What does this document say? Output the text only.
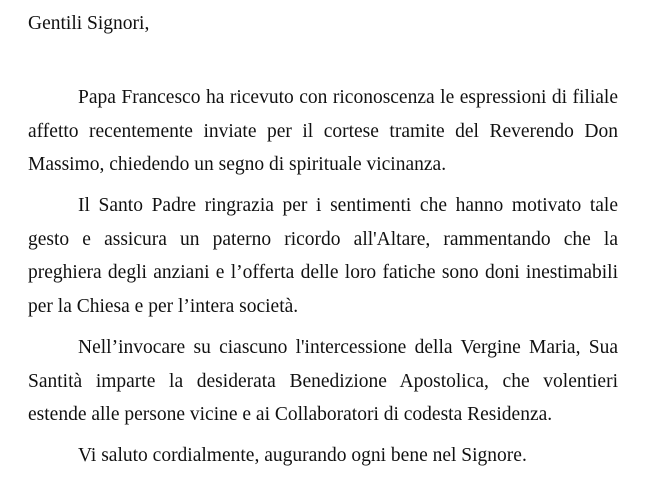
Gentili Signori,

Papa Francesco ha ricevuto con riconoscenza le espressioni di filiale affetto recentemente inviate per il cortese tramite del Reverendo Don Massimo, chiedendo un segno di spirituale vicinanza.

Il Santo Padre ringrazia per i sentimenti che hanno motivato tale gesto e assicura un paterno ricordo all'Altare, rammentando che la preghiera degli anziani e l’offerta delle loro fatiche sono doni inestimabili per la Chiesa e per l’intera società.

Nell’invocare su ciascuno l'intercessione della Vergine Maria, Sua Santità imparte la desiderata Benedizione Apostolica, che volentieri estende alle persone vicine e ai Collaboratori di codesta Residenza.

Vi saluto cordialmente, augurando ogni bene nel Signore.
